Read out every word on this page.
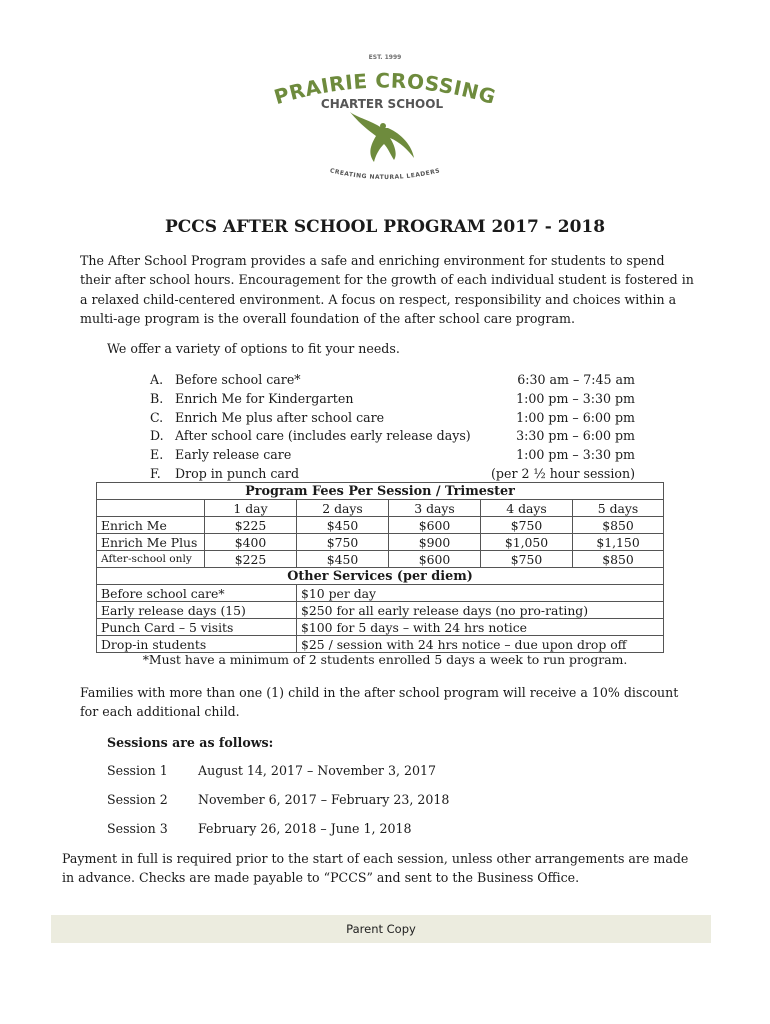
EST. 1999
PRAIRIE CROSSING
CHARTER SCHOOL
CREATING NATURAL LEADERS
PCCS AFTER SCHOOL PROGRAM 2017 - 2018
The After School Program provides a safe and enriching environment for students to spend their after school hours. Encouragement for the growth of each individual student is fostered in a relaxed child-centered environment. A focus on respect, responsibility and choices within a multi-age program is the overall foundation of the after school care program.
We offer a variety of options to fit your needs.
A. Before school care*	6:30 am – 7:45 am
B. Enrich Me for Kindergarten	1:00 pm – 3:30 pm
C. Enrich Me plus after school care	1:00 pm – 6:00 pm
D. After school care (includes early release days)	3:30 pm – 6:00 pm
E. Early release care	1:00 pm – 3:30 pm
F. Drop in punch card	(per 2 ½ hour session)
Program Fees Per Session / Trimester					
	1 day	2 days	3 days	4 days	5 days
Enrich Me	$225	$450	$600	$750	$850
Enrich Me Plus	$400	$750	$900	$1,050	$1,150
After-school only	$225	$450	$600	$750	$850
Other Services (per diem)					
Before school care*		$10 per day			
Early release days (15)		$250 for all early release days (no pro-rating)			
Punch Card – 5 visits		$100 for 5 days – with 24 hrs notice			
Drop-in students		$25 / session with 24 hrs notice – due upon drop off			
*Must have a minimum of 2 students enrolled 5 days a week to run program.
Families with more than one (1) child in the after school program will receive a 10% discount for each additional child.
Sessions are as follows:
Session 1 August 14, 2017 – November 3, 2017
Session 2 November 6, 2017 – February 23, 2018
Session 3 February 26, 2018 – June 1, 2018
Payment in full is required prior to the start of each session, unless other arrangements are made in advance. Checks are made payable to “PCCS” and sent to the Business Office.
Parent Copy
